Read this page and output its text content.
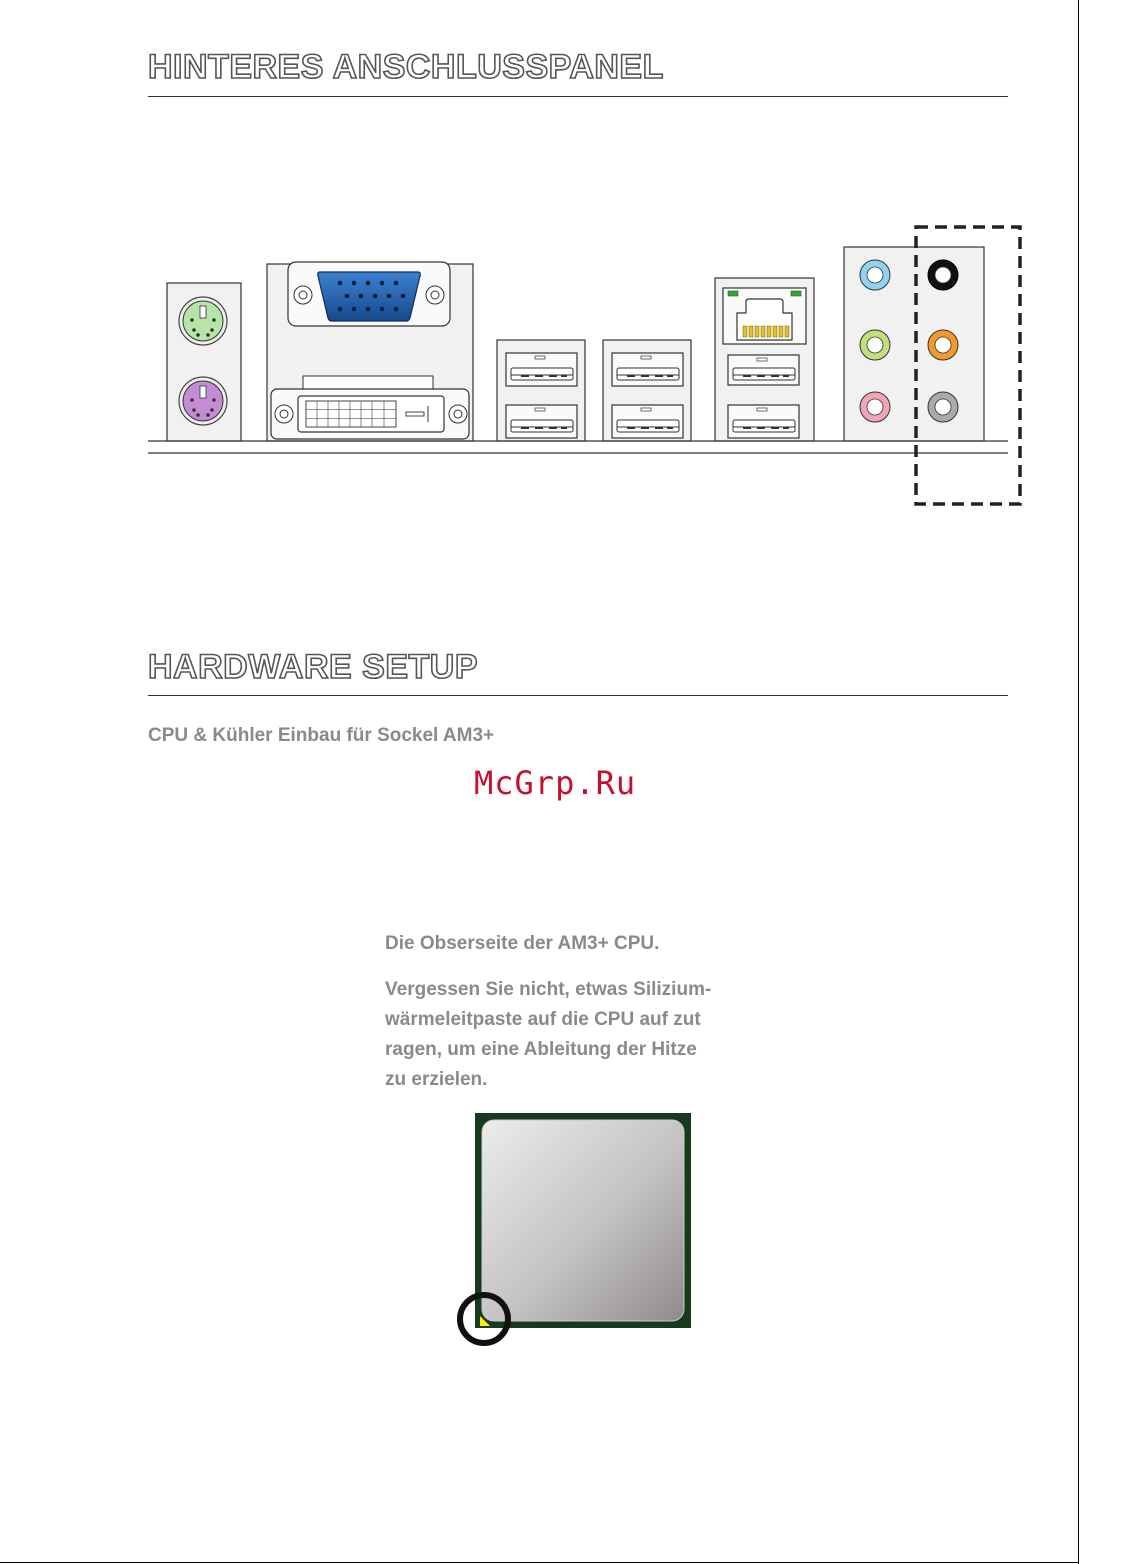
HINTERES ANSCHLUSSPANEL
HARDWARE SETUP
CPU & Kühler Einbau für Sockel AM3+
McGrp.Ru
Die Obserseite der AM3+ CPU.
Vergessen Sie nicht, etwas Silizium-
wärmeleitpaste auf die CPU auf zut
ragen, um eine Ableitung der Hitze
zu erzielen.
